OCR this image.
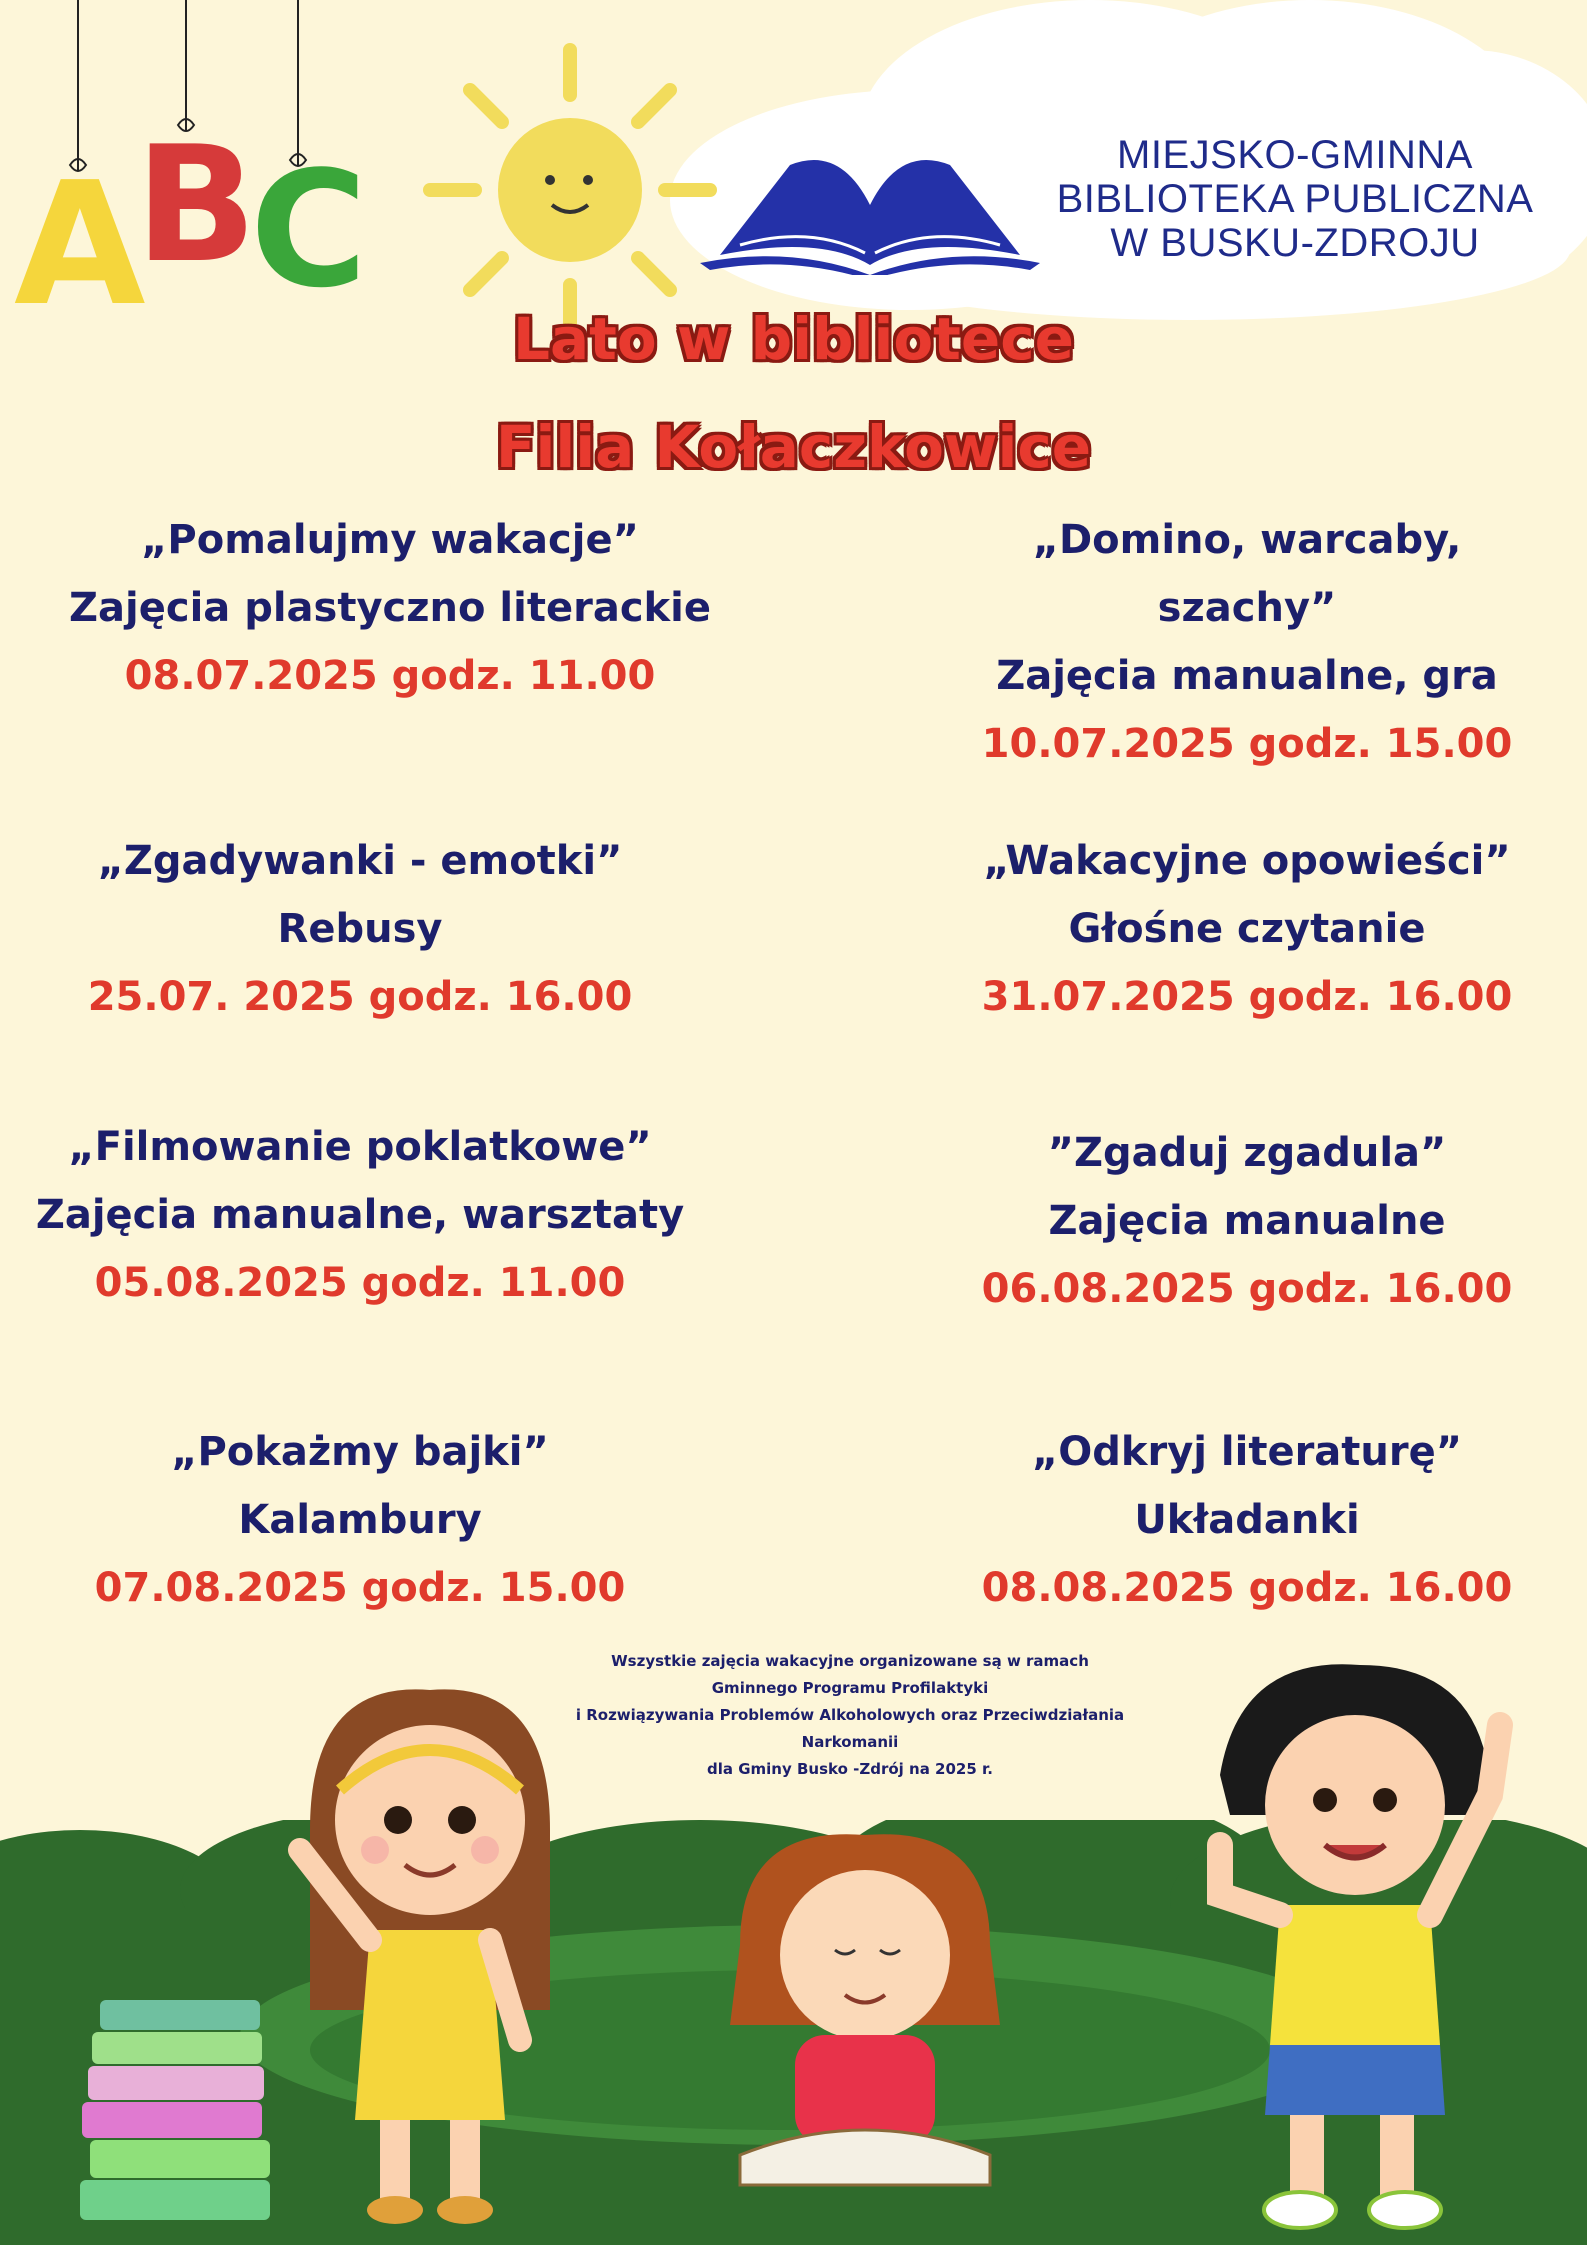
A
B
C	MIEJSKO-GMINNA
BIBLIOTEKA PUBLICZNA
W BUSKU-ZDROJU
Lato w bibliotece
Filia Kołaczkowice
„Pomalujmy wakacje”
Zajęcia plastyczno literackie
08.07.2025 godz. 11.00
„Domino, warcaby, szachy”
Zajęcia manualne, gra
10.07.2025 godz. 15.00
„Zgadywanki - emotki”
Rebusy
25.07. 2025 godz. 16.00
„Wakacyjne opowieści”
Głośne czytanie
31.07.2025 godz. 16.00
„Filmowanie poklatkowe”
Zajęcia manualne, warsztaty
05.08.2025 godz. 11.00
”Zgaduj zgadula”
Zajęcia manualne
06.08.2025 godz. 16.00
„Pokażmy bajki”
Kalambury
07.08.2025 godz. 15.00
„Odkryj literaturę”
Układanki
08.08.2025 godz. 16.00
Wszystkie zajęcia wakacyjne organizowane są w ramach
Gminnego Programu Profilaktyki
i Rozwiązywania Problemów Alkoholowych oraz Przeciwdziałania
Narkomanii
dla Gminy Busko -Zdrój na 2025 r.
